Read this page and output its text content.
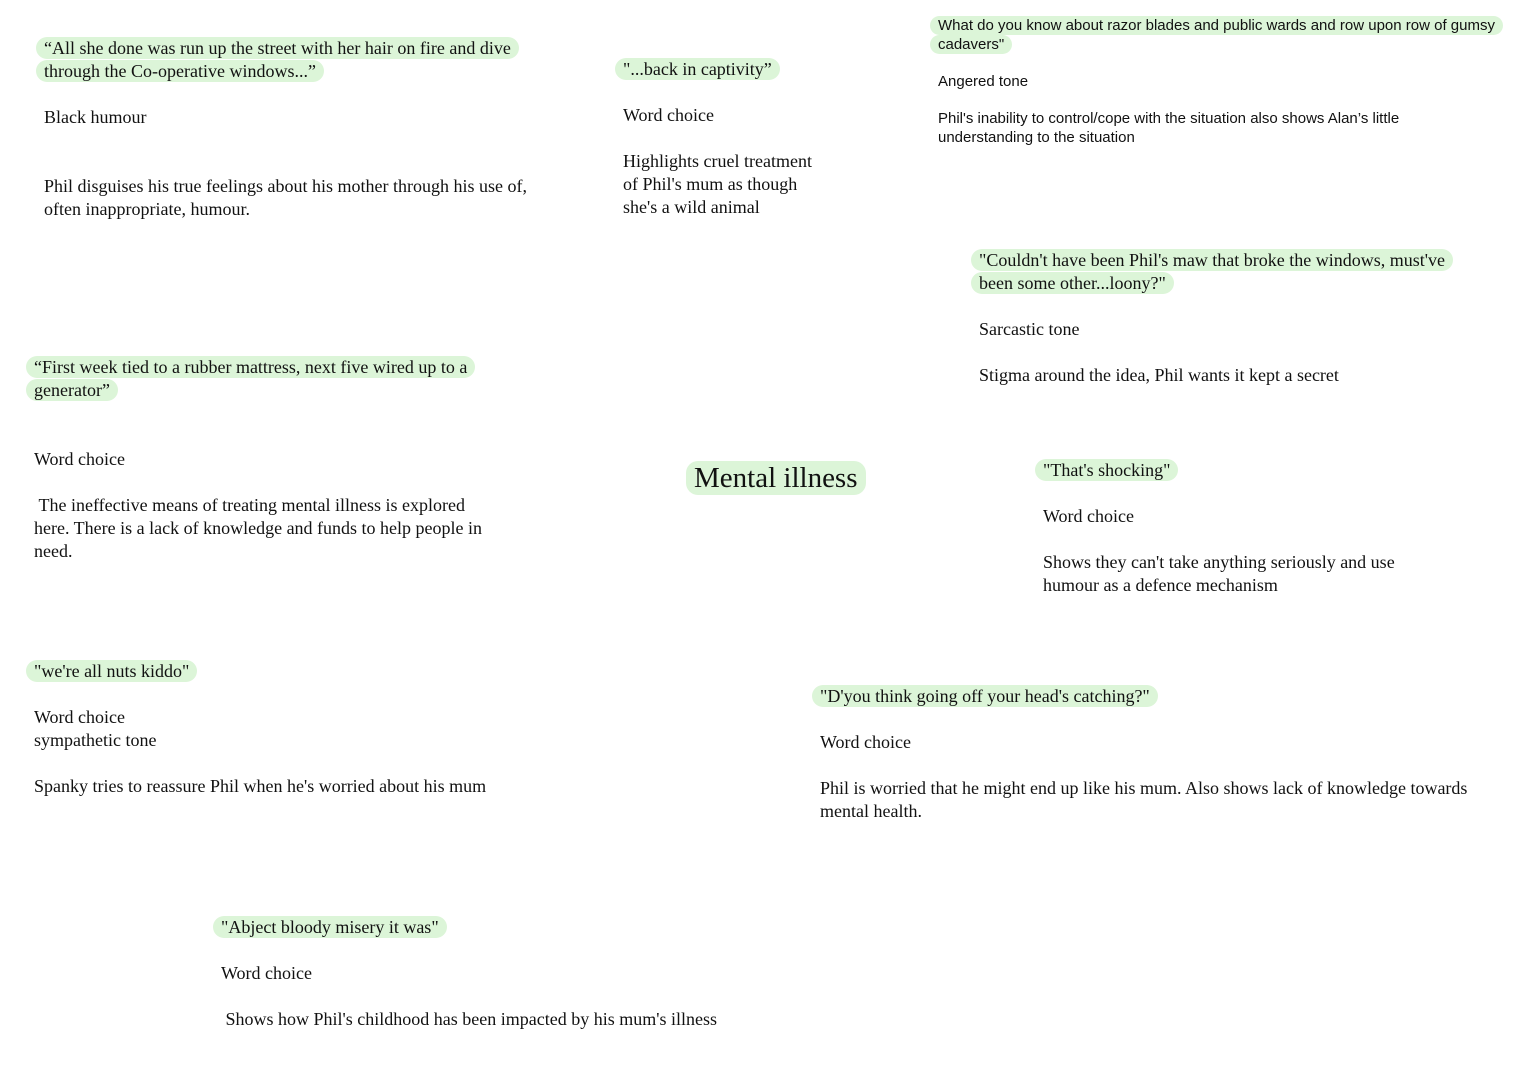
“All she done was run up the street with her hair on fire and dive through the Co-operative windows...”

Black humour

Phil disguises his true feelings about his mother through his use of, often inappropriate, humour.

"...back in captivity”

Word choice

Highlights cruel treatment of Phil's mum as though she's a wild animal

What do you know about razor blades and public wards and row upon row of gumsy cadavers"

Angered tone

Phil's inability to control/cope with the situation also shows Alan’s little understanding to the situation

"Couldn't have been Phil's maw that broke the windows, must've been some other...loony?"

Sarcastic tone

Stigma around the idea, Phil wants it kept a secret

“First week tied to a rubber mattress, next five wired up to a generator”

Word choice

The ineffective means of treating mental illness is explored here. There is a lack of knowledge and funds to help people in need.

Mental illness	"That's shocking"

Word choice

Shows they can't take anything seriously and use humour as a defence mechanism

"we're all nuts kiddo"

Word choice

sympathetic tone

Spanky tries to reassure Phil when he's worried about his mum

"D'you think going off your head's catching?"

Word choice

Phil is worried that he might end up like his mum. Also shows lack of knowledge towards mental health.

"Abject bloody misery it was"

Word choice

Shows how Phil's childhood has been impacted by his mum's illness
